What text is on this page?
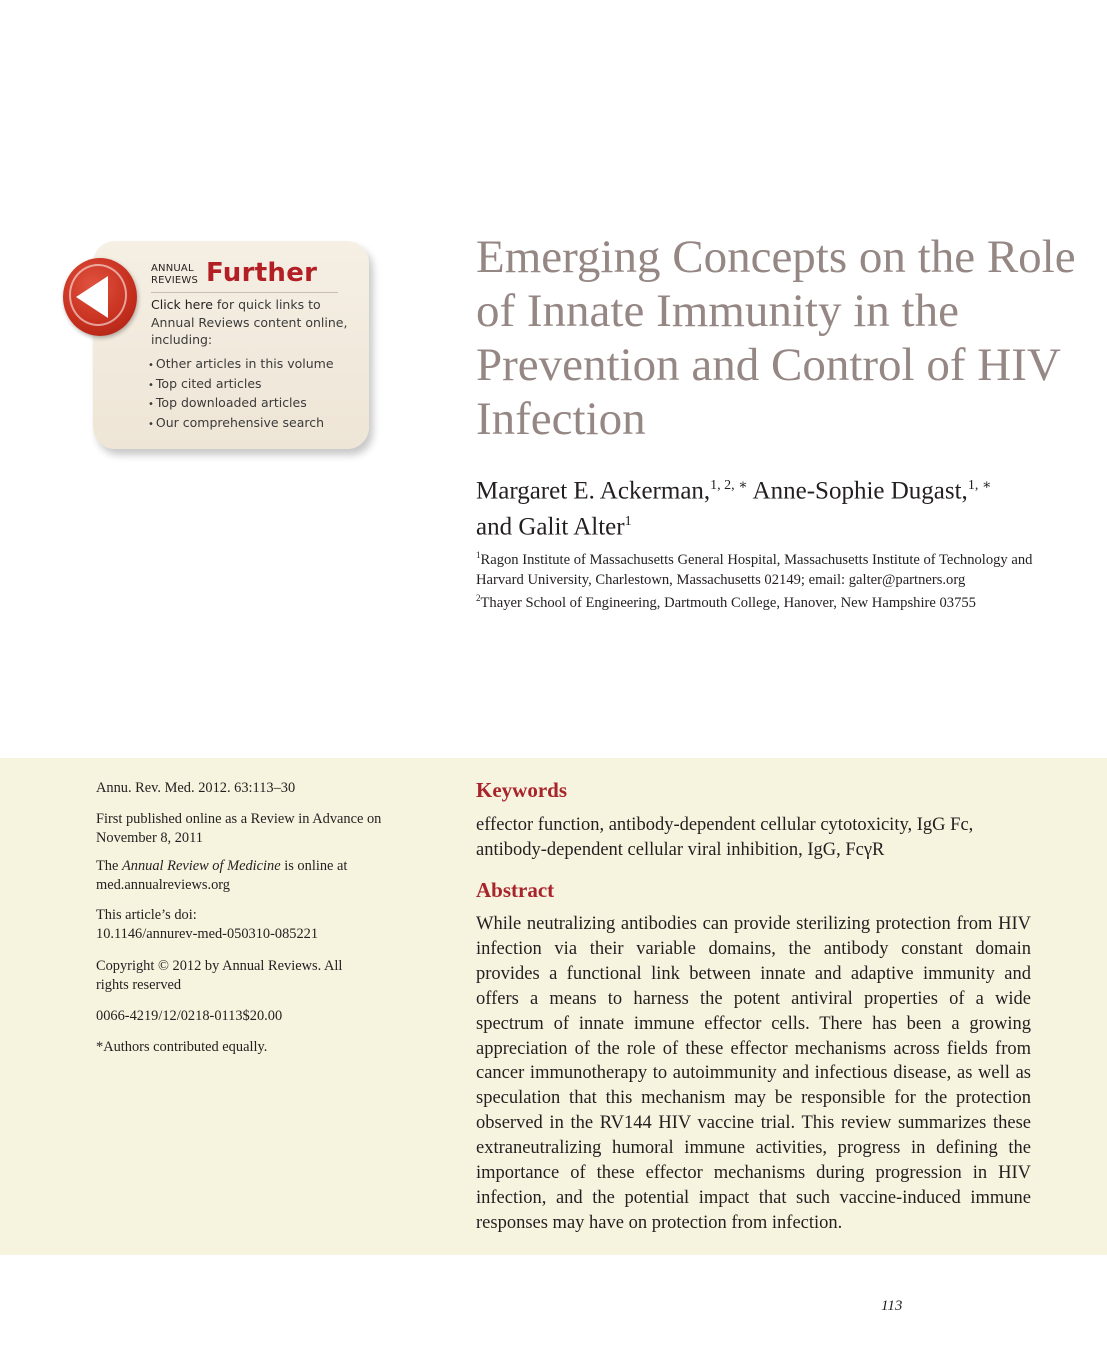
ANNUAL
REVIEWS Further
Click here for quick links to Annual Reviews content online, including:
• Other articles in this volume
• Top cited articles
• Top downloaded articles
• Our comprehensive search
Emerging Concepts on the Role of Innate Immunity in the Prevention and Control of HIV Infection
Margaret E. Ackerman,$^{1, 2, ∗}$ Anne-Sophie Dugast,$^{1, ∗}$
and Galit Alter$^1$
$^1$Ragon Institute of Massachusetts General Hospital, Massachusetts Institute of Technology and Harvard University, Charlestown, Massachusetts 02149; email: galter@partners.org
$^2$Thayer School of Engineering, Dartmouth College, Hanover, New Hampshire 03755
Annu. Rev. Med. 2012. 63:113–30
First published online as a Review in Advance on November 8, 2011
The Annual Review of Medicine is online at med.annualreviews.org
This article’s doi:
10.1146/annurev-med-050310-085221
Copyright © 2012 by Annual Reviews. All rights reserved
0066-4219/12/0218-0113$20.00
*Authors contributed equally.
Keywords
effector function, antibody-dependent cellular cytotoxicity, IgG Fc, antibody-dependent cellular viral inhibition, IgG, FcγR
Abstract
While neutralizing antibodies can provide sterilizing protection from HIV infection via their variable domains, the antibody constant domain provides a functional link between innate and adaptive immunity and offers a means to harness the potent antiviral properties of a wide spectrum of innate immune effector cells. There has been a growing appreciation of the role of these effector mechanisms across fields from cancer immunotherapy to autoimmunity and infectious disease, as well as speculation that this mechanism may be responsible for the protection observed in the RV144 HIV vaccine trial. This review summarizes these extraneutralizing humoral immune activities, progress in defining the importance of these effector mechanisms during progression in HIV infection, and the potential impact that such vaccine-induced immune responses may have on protection from infection.
113
